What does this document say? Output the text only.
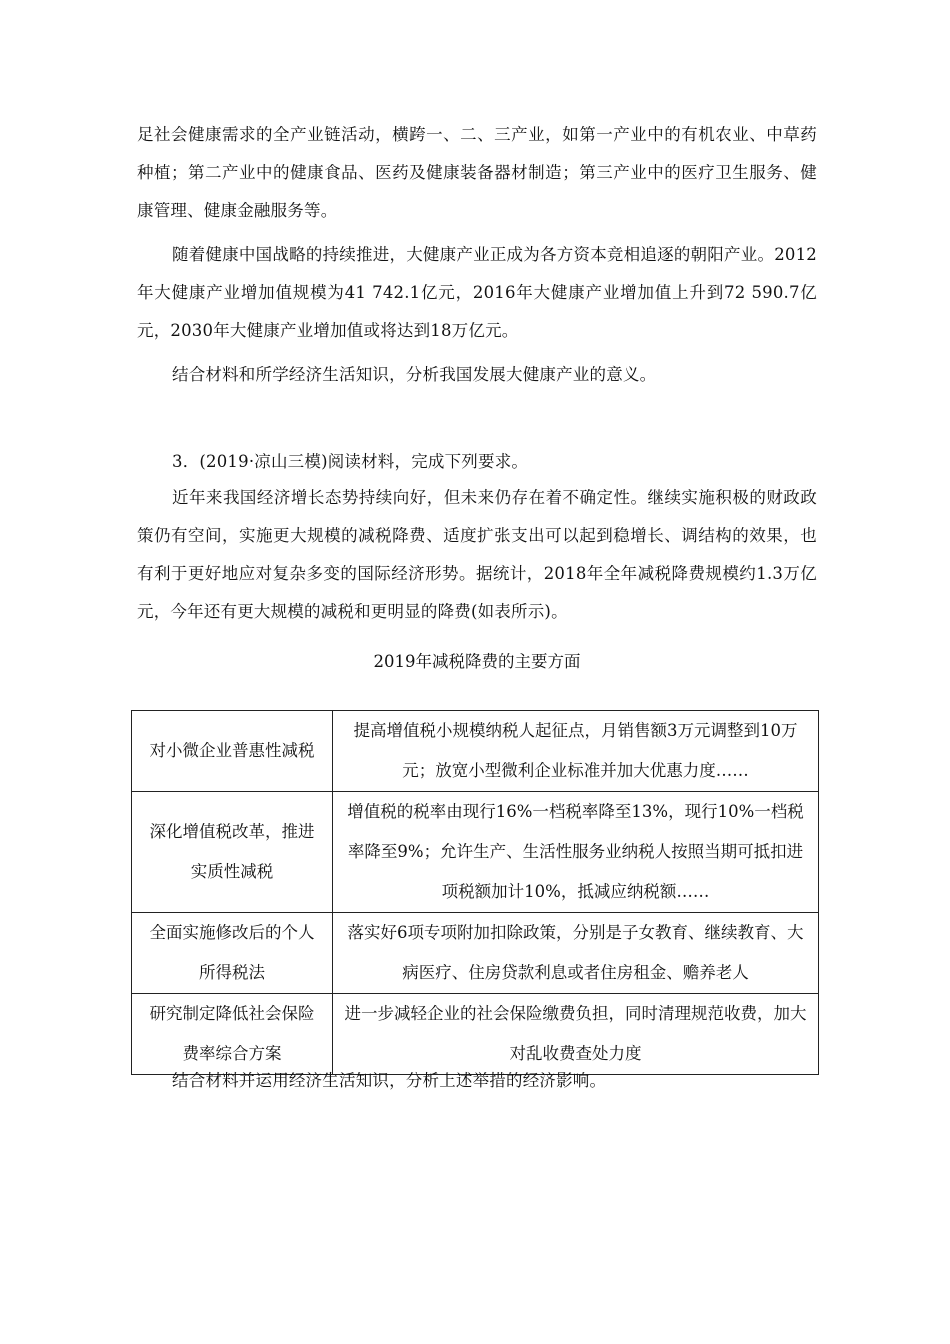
足社会健康需求的全产业链活动，横跨一、二、三产业，如第一产业中的有机农业、中草药种植；第二产业中的健康食品、医药及健康装备器材制造；第三产业中的医疗卫生服务、健康管理、健康金融服务等。

随着健康中国战略的持续推进，大健康产业正成为各方资本竞相追逐的朝阳产业。2012年大健康产业增加值规模为41 742.1亿元，2016年大健康产业增加值上升到72 590.7亿元，2030年大健康产业增加值或将达到18万亿元。

结合材料和所学经济生活知识，分析我国发展大健康产业的意义。

3．(2019·凉山三模)阅读材料，完成下列要求。

近年来我国经济增长态势持续向好，但未来仍存在着不确定性。继续实施积极的财政政策仍有空间，实施更大规模的减税降费、适度扩张支出可以起到稳增长、调结构的效果，也有利于更好地应对复杂多变的国际经济形势。据统计，2018年全年减税降费规模约1.3万亿元，今年还有更大规模的减税和更明显的降费(如表所示)。

2019年减税降费的主要方面

对小微企业普惠性减税	提高增值税小规模纳税人起征点，月销售额3万元调整到10万元；放宽小型微利企业标准并加大优惠力度……
深化增值税改革，推进实质性减税	增值税的税率由现行16%一档税率降至13%，现行10%一档税率降至9%；允许生产、生活性服务业纳税人按照当期可抵扣进项税额加计10%，抵减应纳税额……
全面实施修改后的个人所得税法	落实好6项专项附加扣除政策，分别是子女教育、继续教育、大病医疗、住房贷款利息或者住房租金、赡养老人
研究制定降低社会保险费率综合方案	进一步减轻企业的社会保险缴费负担，同时清理规范收费，加大对乱收费查处力度

结合材料并运用经济生活知识，分析上述举措的经济影响。
